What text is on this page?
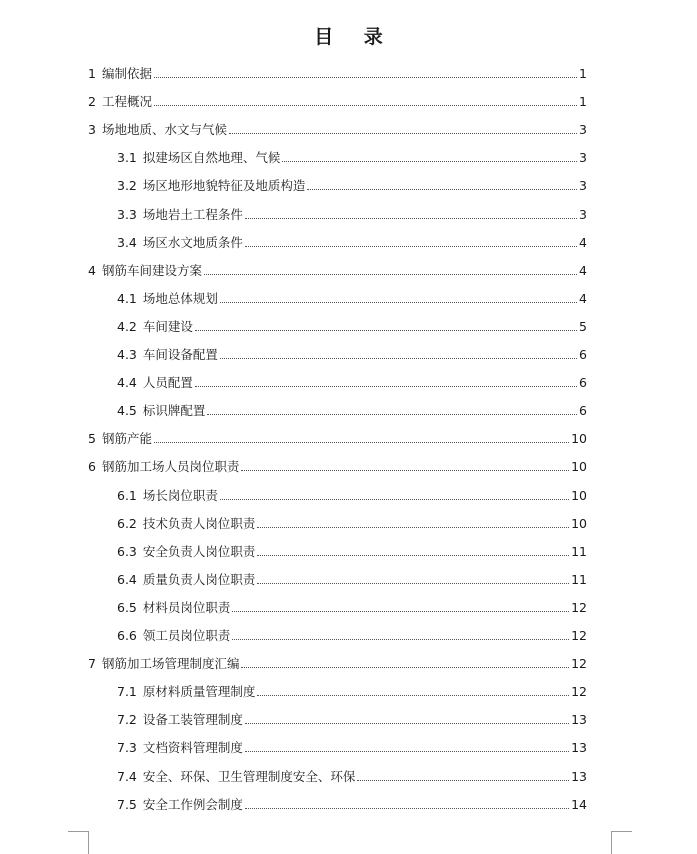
目 录
1 编制依据	1
2 工程概况	1
3 场地地质、水文与气候	3
3.1 拟建场区自然地理、气候	3
3.2 场区地形地貌特征及地质构造	3
3.3 场地岩土工程条件	3
3.4 场区水文地质条件	4
4 钢筋车间建设方案	4
4.1 场地总体规划	4
4.2 车间建设	5
4.3 车间设备配置	6
4.4 人员配置	6
4.5 标识牌配置	6
5 钢筋产能	10
6 钢筋加工场人员岗位职责	10
6.1 场长岗位职责	10
6.2 技术负责人岗位职责	10
6.3 安全负责人岗位职责	11
6.4 质量负责人岗位职责	11
6.5 材料员岗位职责	12
6.6 领工员岗位职责	12
7 钢筋加工场管理制度汇编	12
7.1 原材料质量管理制度	12
7.2 设备工装管理制度	13
7.3 文档资料管理制度	13
7.4 安全、环保、卫生管理制度安全、环保	13
7.5 安全工作例会制度	14
